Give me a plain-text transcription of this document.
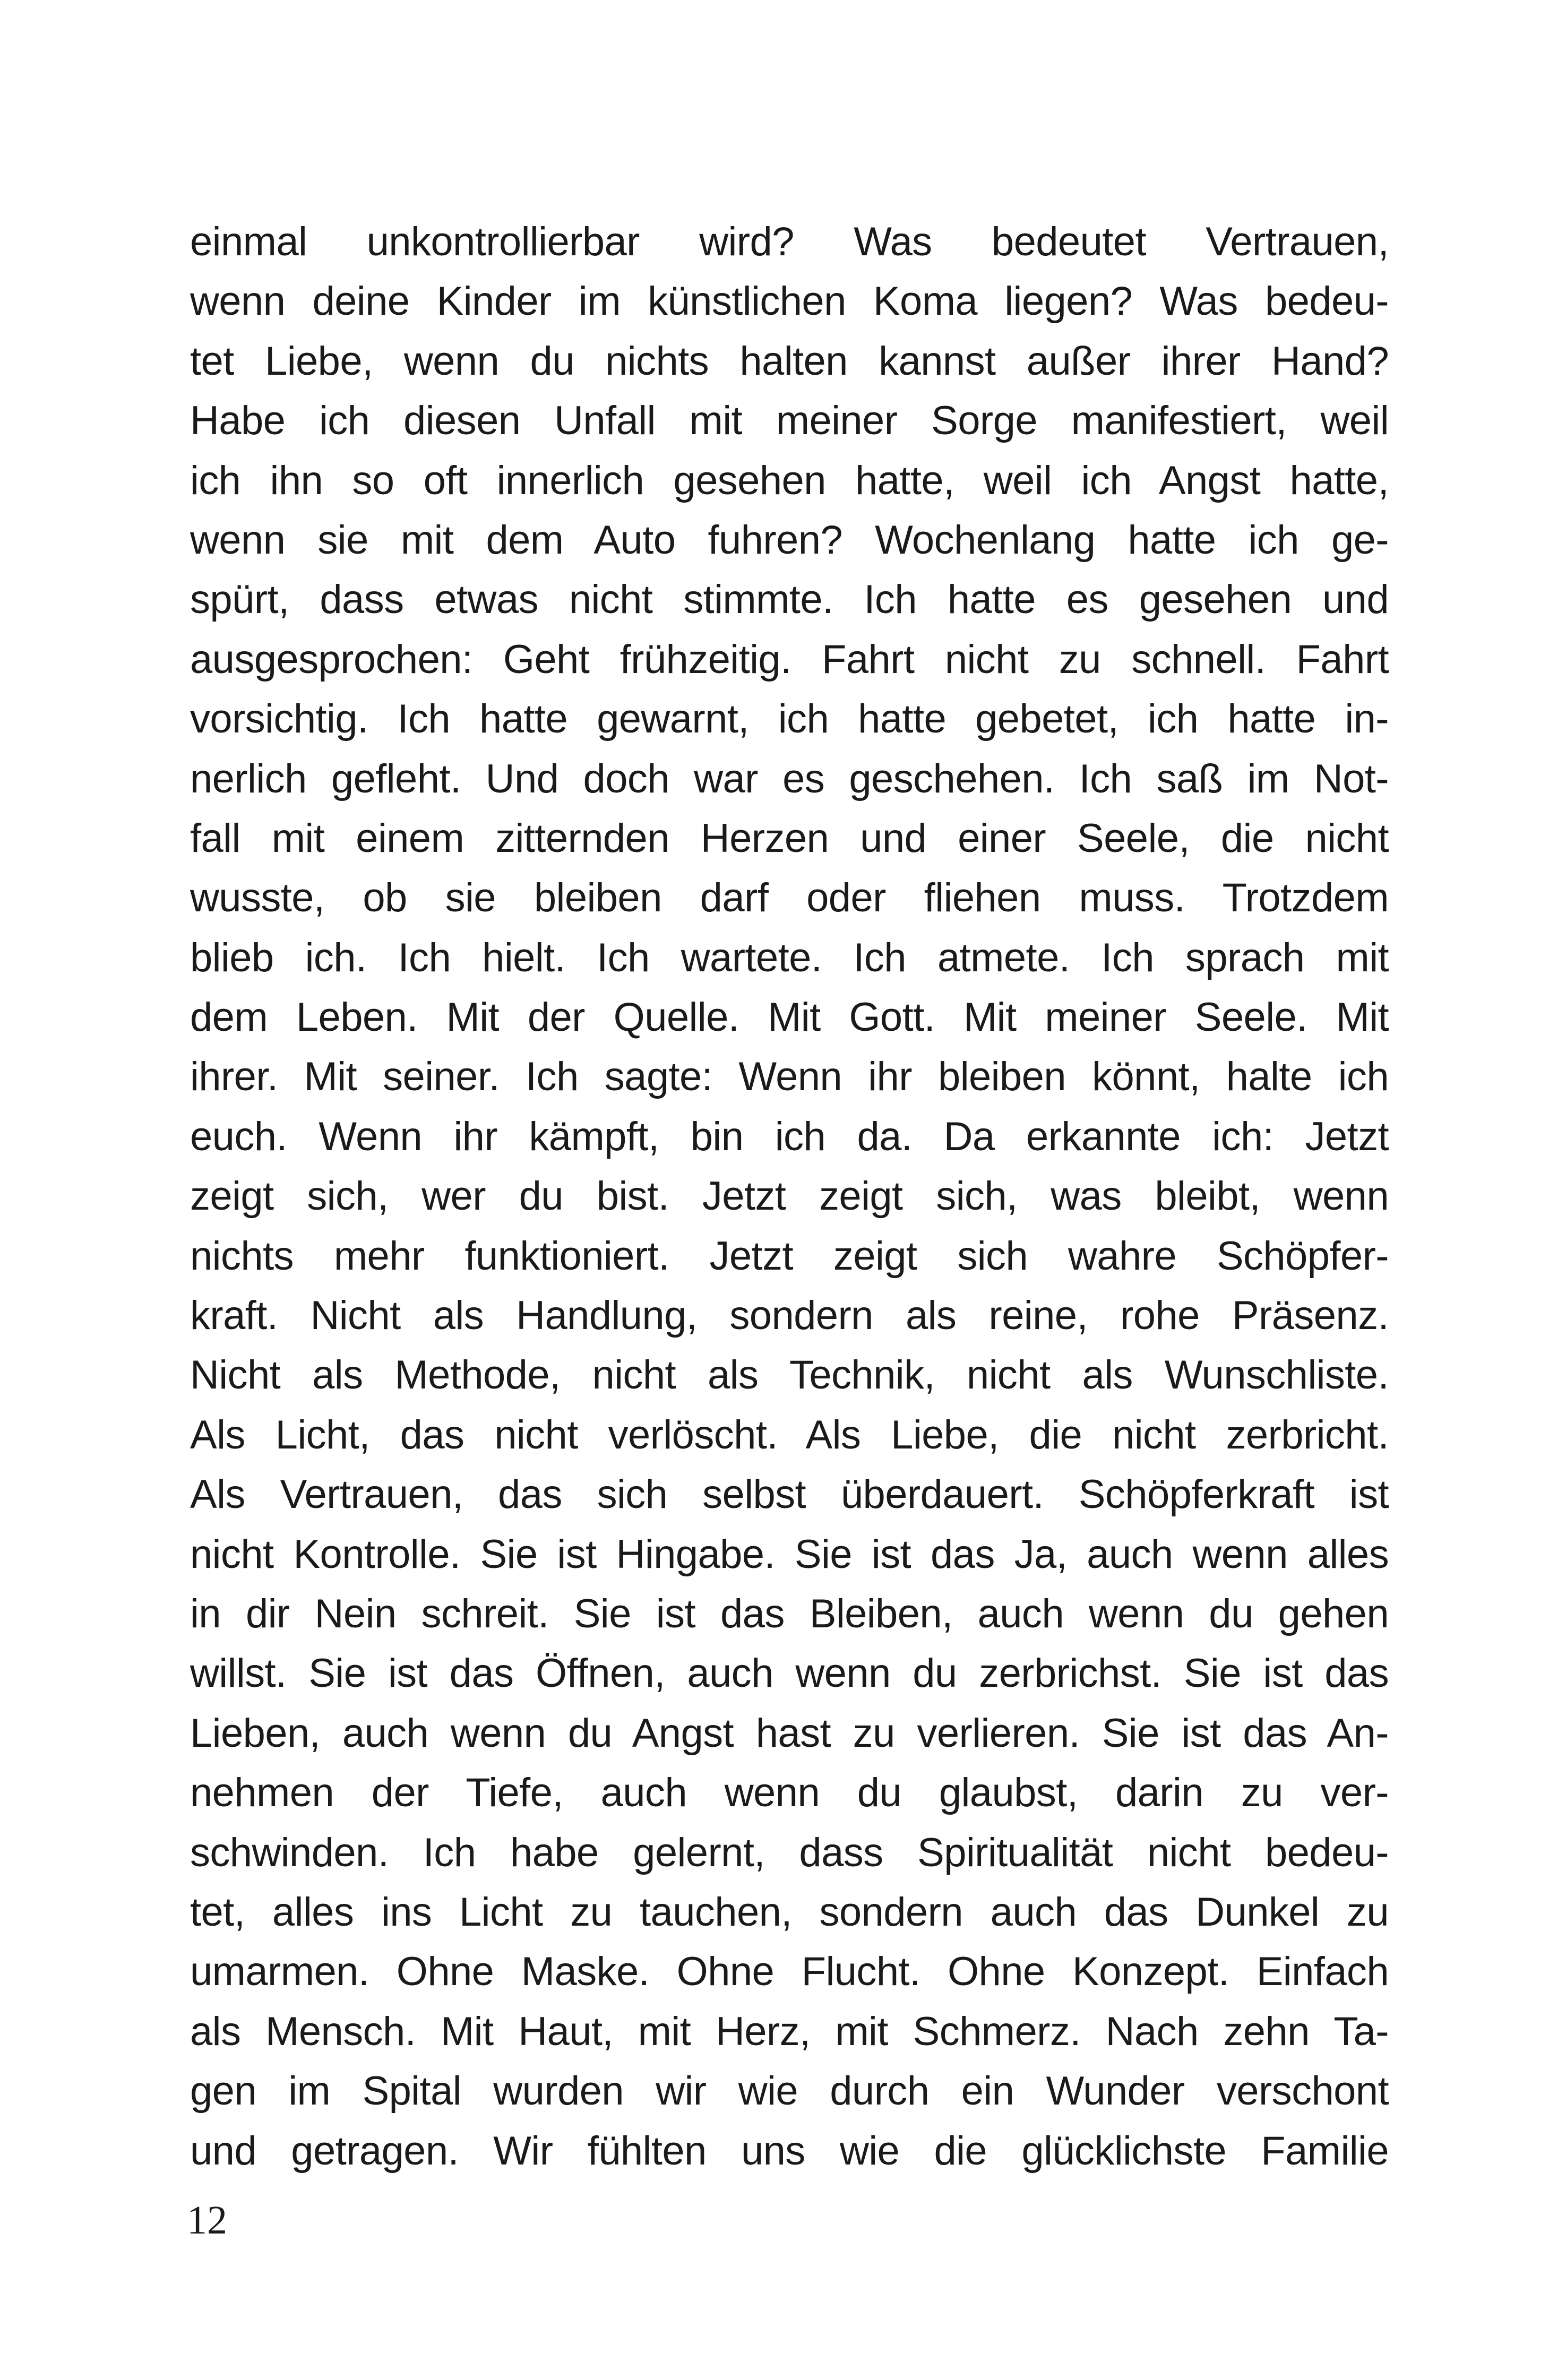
einmal unkontrollierbar wird? Was bedeutet Vertrauen,
wenn deine Kinder im künstlichen Koma liegen? Was bedeu-
tet Liebe, wenn du nichts halten kannst außer ihrer Hand?
Habe ich diesen Unfall mit meiner Sorge manifestiert, weil
ich ihn so oft innerlich gesehen hatte, weil ich Angst hatte,
wenn sie mit dem Auto fuhren? Wochenlang hatte ich ge-
spürt, dass etwas nicht stimmte. Ich hatte es gesehen und
ausgesprochen: Geht frühzeitig. Fahrt nicht zu schnell. Fahrt
vorsichtig. Ich hatte gewarnt, ich hatte gebetet, ich hatte in-
nerlich gefleht. Und doch war es geschehen. Ich saß im Not-
fall mit einem zitternden Herzen und einer Seele, die nicht
wusste, ob sie bleiben darf oder fliehen muss. Trotzdem
blieb ich. Ich hielt. Ich wartete. Ich atmete. Ich sprach mit
dem Leben. Mit der Quelle. Mit Gott. Mit meiner Seele. Mit
ihrer. Mit seiner. Ich sagte: Wenn ihr bleiben könnt, halte ich
euch. Wenn ihr kämpft, bin ich da. Da erkannte ich: Jetzt
zeigt sich, wer du bist. Jetzt zeigt sich, was bleibt, wenn
nichts mehr funktioniert. Jetzt zeigt sich wahre Schöpfer-
kraft. Nicht als Handlung, sondern als reine, rohe Präsenz.
Nicht als Methode, nicht als Technik, nicht als Wunschliste.
Als Licht, das nicht verlöscht. Als Liebe, die nicht zerbricht.
Als Vertrauen, das sich selbst überdauert. Schöpferkraft ist
nicht Kontrolle. Sie ist Hingabe. Sie ist das Ja, auch wenn alles
in dir Nein schreit. Sie ist das Bleiben, auch wenn du gehen
willst. Sie ist das Öffnen, auch wenn du zerbrichst. Sie ist das
Lieben, auch wenn du Angst hast zu verlieren. Sie ist das An-
nehmen der Tiefe, auch wenn du glaubst, darin zu ver-
schwinden. Ich habe gelernt, dass Spiritualität nicht bedeu-
tet, alles ins Licht zu tauchen, sondern auch das Dunkel zu
umarmen. Ohne Maske. Ohne Flucht. Ohne Konzept. Einfach
als Mensch. Mit Haut, mit Herz, mit Schmerz. Nach zehn Ta-
gen im Spital wurden wir wie durch ein Wunder verschont
und getragen. Wir fühlten uns wie die glücklichste Familie
12
